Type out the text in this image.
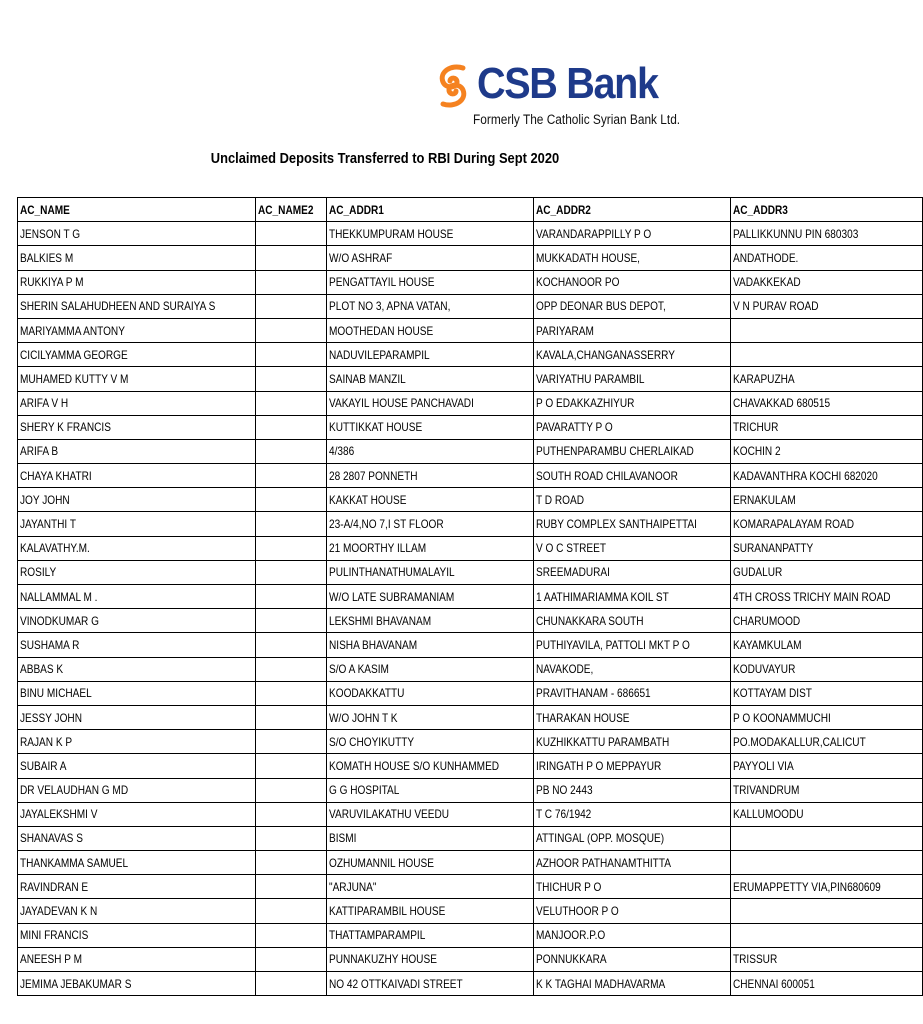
CSB Bank
Formerly The Catholic Syrian Bank Ltd.
Unclaimed Deposits Transferred to RBI During Sept 2020
AC_NAME	AC_NAME2	AC_ADDR1	AC_ADDR2	AC_ADDR3
JENSON T G		THEKKUMPURAM HOUSE	VARANDARAPPILLY P O	PALLIKKUNNU PIN 680303
BALKIES M		W/O ASHRAF	MUKKADATH HOUSE,	ANDATHODE.
RUKKIYA P M		PENGATTAYIL HOUSE	KOCHANOOR PO	VADAKKEKAD
SHERIN SALAHUDHEEN AND SURAIYA S		PLOT NO 3, APNA VATAN,	OPP DEONAR BUS DEPOT,	V N PURAV ROAD
MARIYAMMA ANTONY		MOOTHEDAN HOUSE	PARIYARAM	
CICILYAMMA GEORGE		NADUVILEPARAMPIL	KAVALA,CHANGANASSERRY	
MUHAMED KUTTY V M		SAINAB MANZIL	VARIYATHU PARAMBIL	KARAPUZHA
ARIFA V H		VAKAYIL HOUSE PANCHAVADI	P O EDAKKAZHIYUR	CHAVAKKAD 680515
SHERY K FRANCIS		KUTTIKKAT HOUSE	PAVARATTY P O	TRICHUR
ARIFA B		4/386	PUTHENPARAMBU CHERLAIKAD	KOCHIN 2
CHAYA KHATRI		28 2807 PONNETH	SOUTH ROAD CHILAVANOOR	KADAVANTHRA KOCHI 682020
JOY JOHN		KAKKAT HOUSE	T D ROAD	ERNAKULAM
JAYANTHI T		23-A/4,NO 7,I ST FLOOR	RUBY COMPLEX SANTHAIPETTAI	KOMARAPALAYAM ROAD
KALAVATHY.M.		21 MOORTHY ILLAM	V O C STREET	SURANANPATTY
ROSILY		PULINTHANATHUMALAYIL	SREEMADURAI	GUDALUR
NALLAMMAL M .		W/O LATE SUBRAMANIAM	1 AATHIMARIAMMA KOIL ST	4TH CROSS TRICHY MAIN ROAD
VINODKUMAR G		LEKSHMI BHAVANAM	CHUNAKKARA SOUTH	CHARUMOOD
SUSHAMA R		NISHA BHAVANAM	PUTHIYAVILA, PATTOLI MKT P O	KAYAMKULAM
ABBAS K		S/O A KASIM	NAVAKODE,	KODUVAYUR
BINU MICHAEL		KOODAKKATTU	PRAVITHANAM - 686651	KOTTAYAM DIST
JESSY JOHN		W/O JOHN T K	THARAKAN HOUSE	P O KOONAMMUCHI
RAJAN K P		S/O CHOYIKUTTY	KUZHIKKATTU PARAMBATH	PO.MODAKALLUR,CALICUT
SUBAIR A		KOMATH HOUSE S/O KUNHAMMED	IRINGATH P O MEPPAYUR	PAYYOLI VIA
DR VELAUDHAN G MD		G G HOSPITAL	PB NO 2443	TRIVANDRUM
JAYALEKSHMI V		VARUVILAKATHU VEEDU	T C 76/1942	KALLUMOODU
SHANAVAS S		BISMI	ATTINGAL (OPP. MOSQUE)	
THANKAMMA SAMUEL		OZHUMANNIL HOUSE	AZHOOR PATHANAMTHITTA	
RAVINDRAN E		"ARJUNA"	THICHUR P O	ERUMAPPETTY VIA,PIN680609
JAYADEVAN K N		KATTIPARAMBIL HOUSE	VELUTHOOR P O	
MINI FRANCIS		THATTAMPARAMPIL	MANJOOR.P.O	
ANEESH P M		PUNNAKUZHY HOUSE	PONNUKKARA	TRISSUR
JEMIMA JEBAKUMAR S		NO 42 OTTKAIVADI STREET	K K TAGHAI MADHAVARMA	CHENNAI 600051
